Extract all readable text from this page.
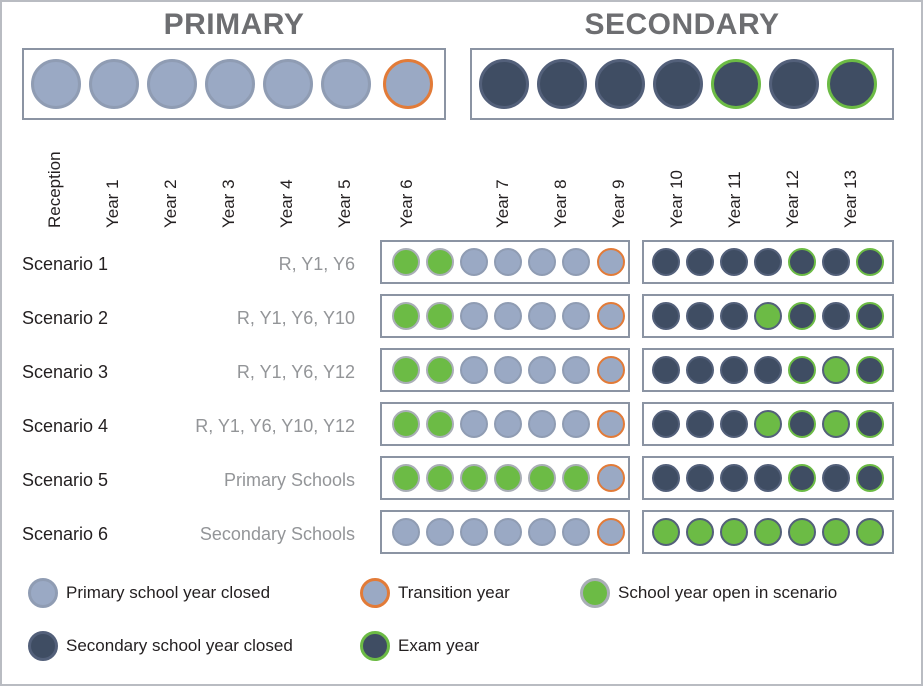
PRIMARY	SECONDARY
Reception Year 1 Year 2 Year 3 Year 4 Year 5	Year 6	Year 7 Year 8 Year 9 Year 10 Year 11 Year 12 Year 13
Scenario 1	R, Y1, Y6
Scenario 2	R, Y1, Y6, Y10
Scenario 3	R, Y1, Y6, Y12
Scenario 4	R, Y1, Y6, Y10, Y12
Scenario 5	Primary Schools
Scenario 6	Secondary Schools
Primary school year closed	Transition year	School year open in scenario
Secondary school year closed	Exam year
